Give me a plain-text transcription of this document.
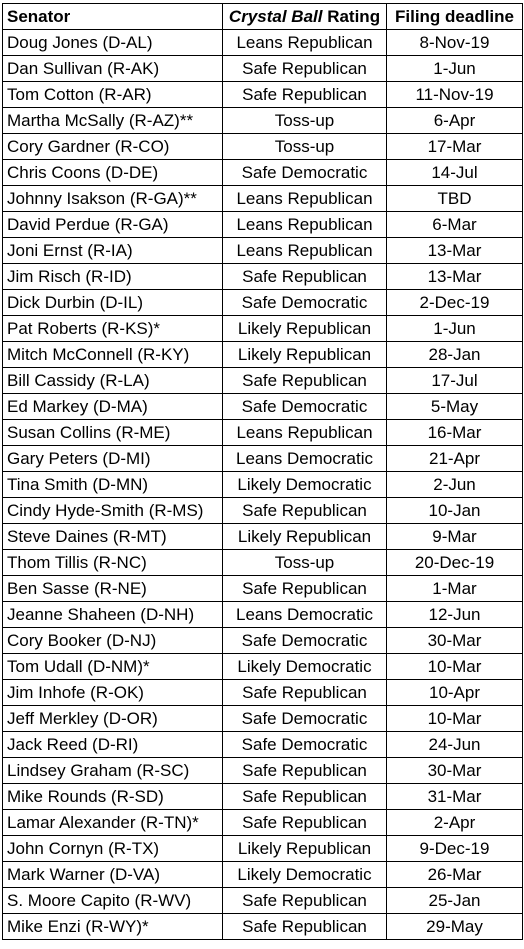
Senator	Crystal Ball Rating	Filing deadline
Doug Jones (D-AL)	Leans Republican	8-Nov-19
Dan Sullivan (R-AK)	Safe Republican	1-Jun
Tom Cotton (R-AR)	Safe Republican	11-Nov-19
Martha McSally (R-AZ)**	Toss-up	6-Apr
Cory Gardner (R-CO)	Toss-up	17-Mar
Chris Coons (D-DE)	Safe Democratic	14-Jul
Johnny Isakson (R-GA)**	Leans Republican	TBD
David Perdue (R-GA)	Leans Republican	6-Mar
Joni Ernst (R-IA)	Leans Republican	13-Mar
Jim Risch (R-ID)	Safe Republican	13-Mar
Dick Durbin (D-IL)	Safe Democratic	2-Dec-19
Pat Roberts (R-KS)*	Likely Republican	1-Jun
Mitch McConnell (R-KY)	Likely Republican	28-Jan
Bill Cassidy (R-LA)	Safe Republican	17-Jul
Ed Markey (D-MA)	Safe Democratic	5-May
Susan Collins (R-ME)	Leans Republican	16-Mar
Gary Peters (D-MI)	Leans Democratic	21-Apr
Tina Smith (D-MN)	Likely Democratic	2-Jun
Cindy Hyde-Smith (R-MS)	Safe Republican	10-Jan
Steve Daines (R-MT)	Likely Republican	9-Mar
Thom Tillis (R-NC)	Toss-up	20-Dec-19
Ben Sasse (R-NE)	Safe Republican	1-Mar
Jeanne Shaheen (D-NH)	Leans Democratic	12-Jun
Cory Booker (D-NJ)	Safe Democratic	30-Mar
Tom Udall (D-NM)*	Likely Democratic	10-Mar
Jim Inhofe (R-OK)	Safe Republican	10-Apr
Jeff Merkley (D-OR)	Safe Democratic	10-Mar
Jack Reed (D-RI)	Safe Democratic	24-Jun
Lindsey Graham (R-SC)	Safe Republican	30-Mar
Mike Rounds (R-SD)	Safe Republican	31-Mar
Lamar Alexander (R-TN)*	Safe Republican	2-Apr
John Cornyn (R-TX)	Likely Republican	9-Dec-19
Mark Warner (D-VA)	Likely Democratic	26-Mar
S. Moore Capito (R-WV)	Safe Republican	25-Jan
Mike Enzi (R-WY)*	Safe Republican	29-May
